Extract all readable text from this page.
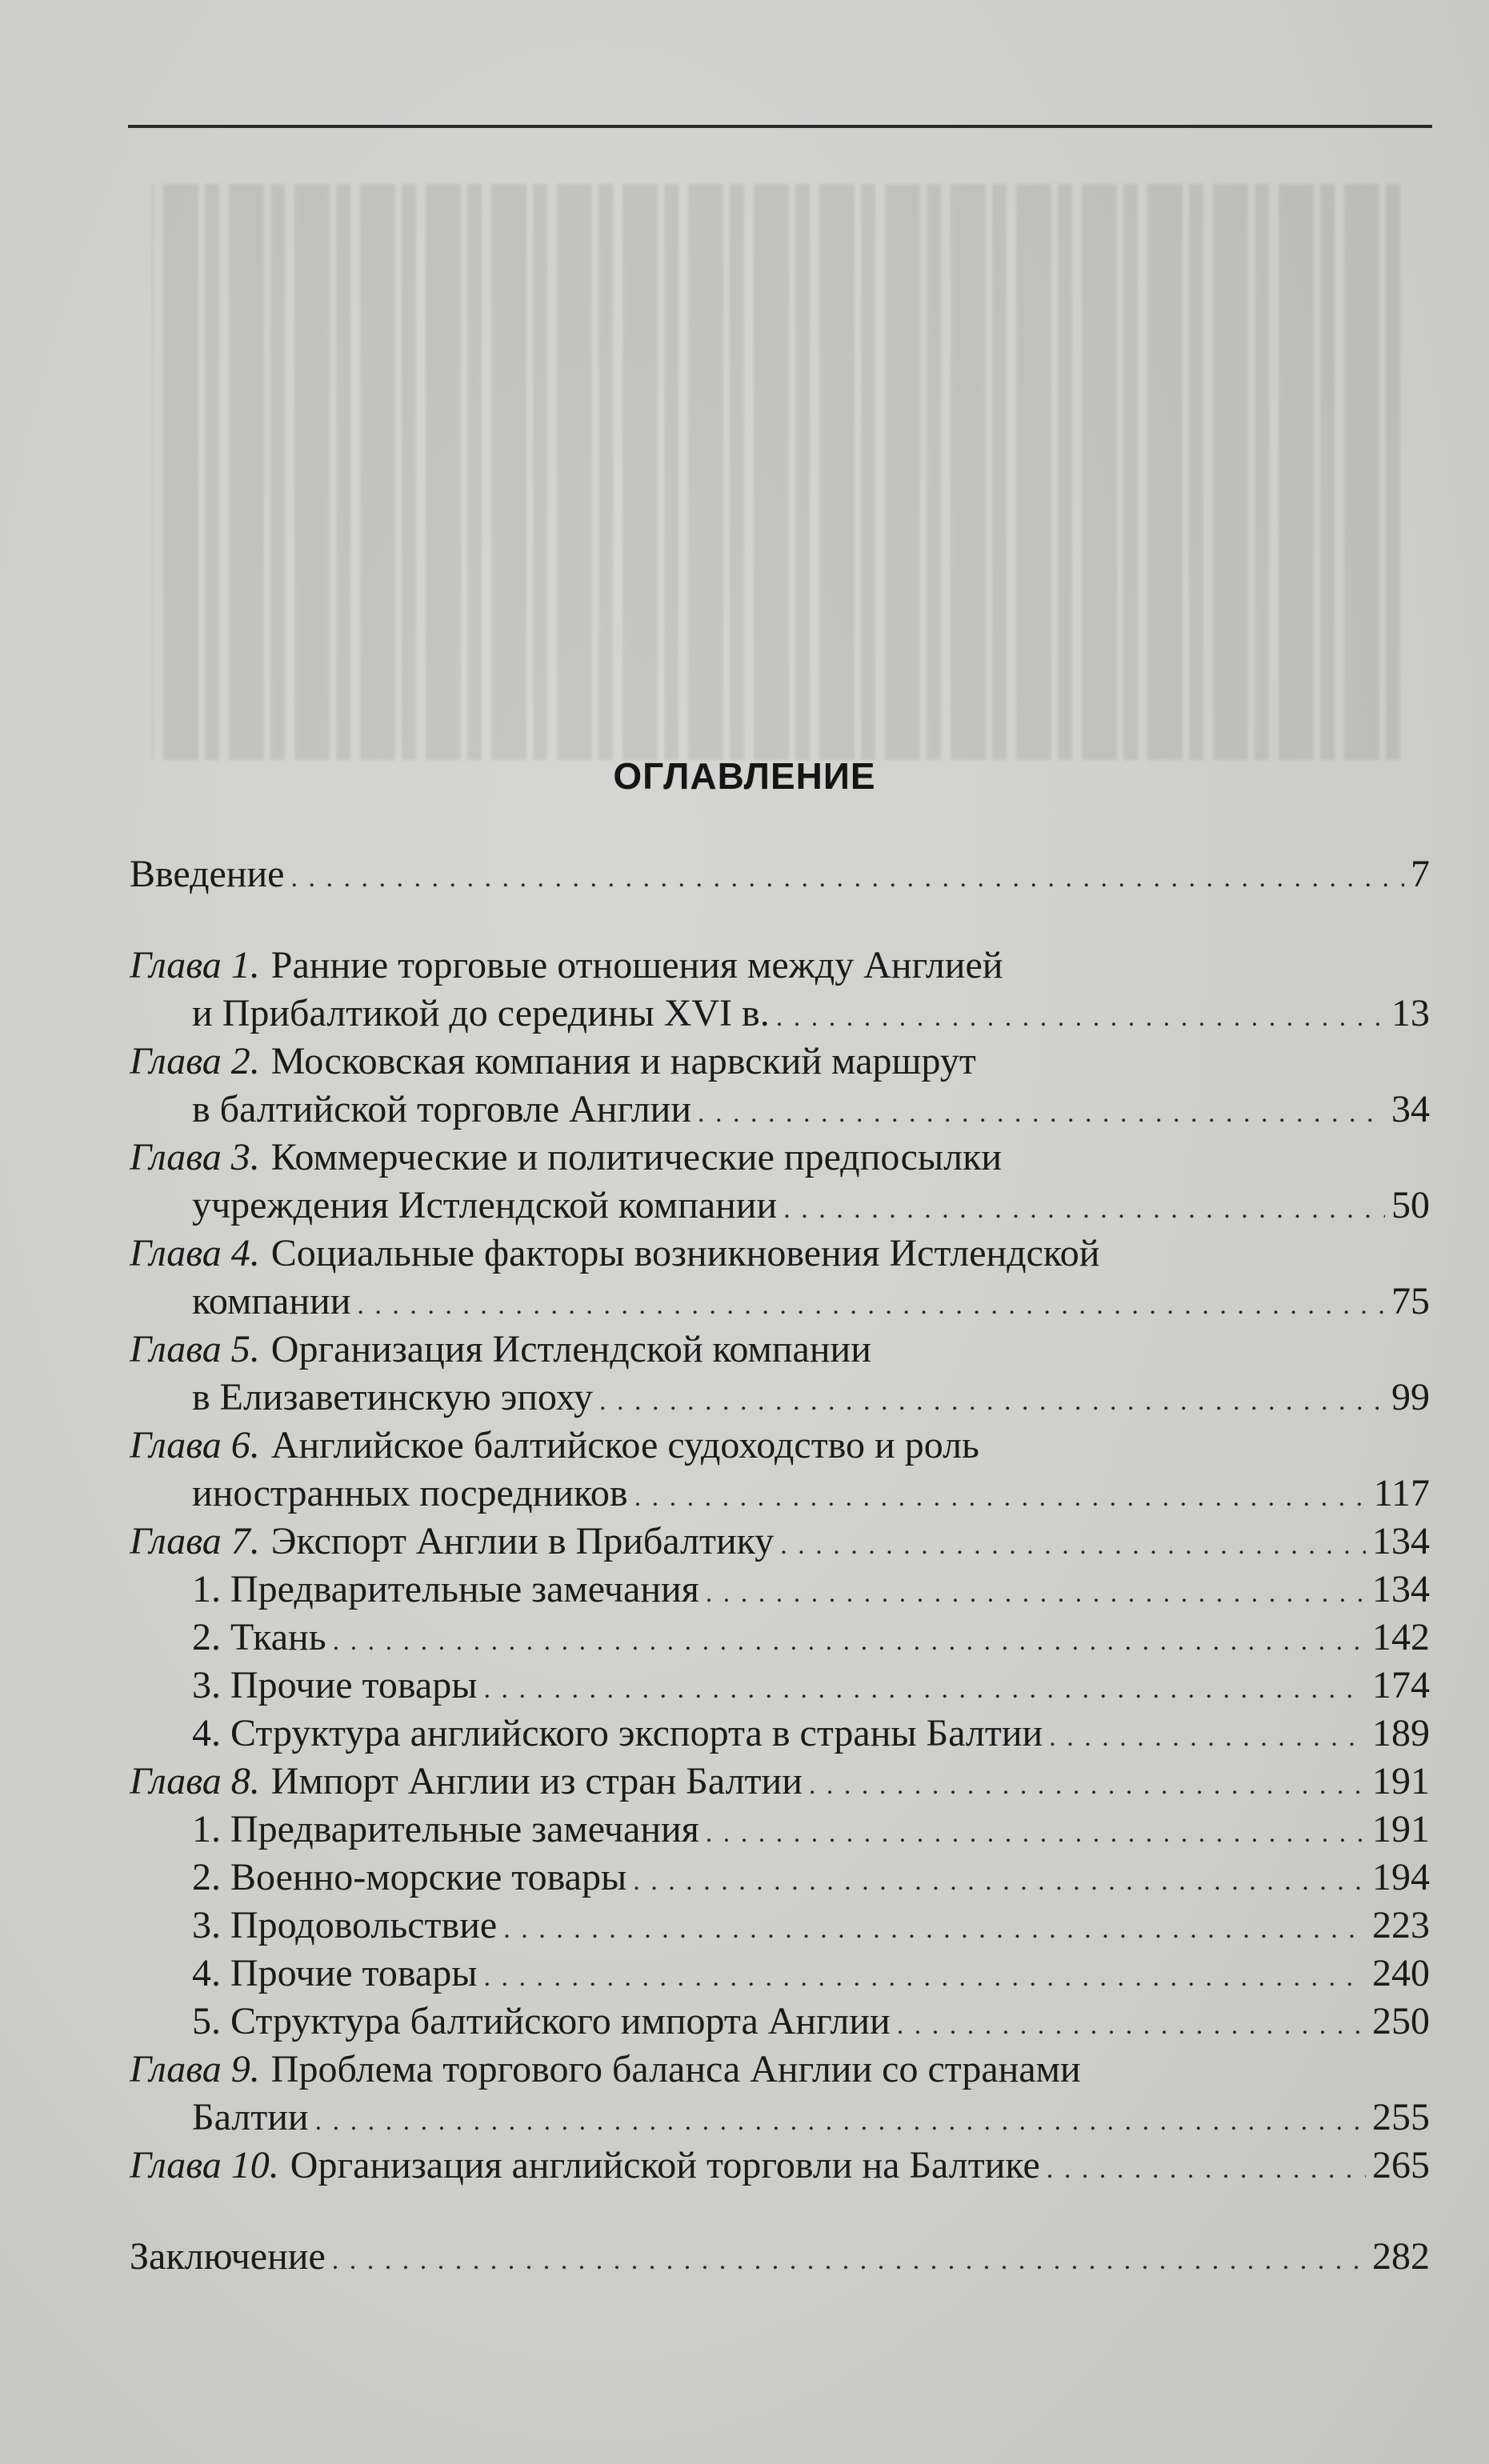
ОГЛАВЛЕНИЕ
Введение . . .	7
Глава 1. Ранние торговые отношения между Англией
и Прибалтикой до середины XVI в. . . .	13
Глава 2. Московская компания и нарвский маршрут
в балтийской торговле Англии . . .	34
Глава 3. Коммерческие и политические предпосылки
учреждения Истлендской компании . . .	50
Глава 4. Социальные факторы возникновения Истлендской
компании . . .	75
Глава 5. Организация Истлендской компании
в Елизаветинскую эпоху . . .	99
Глава 6. Английское балтийское судоходство и роль
иностранных посредников . . .	117
Глава 7. Экспорт Англии в Прибалтику . . .	134
1. Предварительные замечания . . .	134
2. Ткань . . .	142
3. Прочие товары . . .	174
4. Структура английского экспорта в страны Балтии . . .	189
Глава 8. Импорт Англии из стран Балтии . . .	191
1. Предварительные замечания . . .	191
2. Военно-морские товары . . .	194
3. Продовольствие . . .	223
4. Прочие товары . . .	240
5. Структура балтийского импорта Англии . . .	250
Глава 9. Проблема торгового баланса Англии со странами
Балтии . . .	255
Глава 10. Организация английской торговли на Балтике . . .	265
Заключение . . .	282
